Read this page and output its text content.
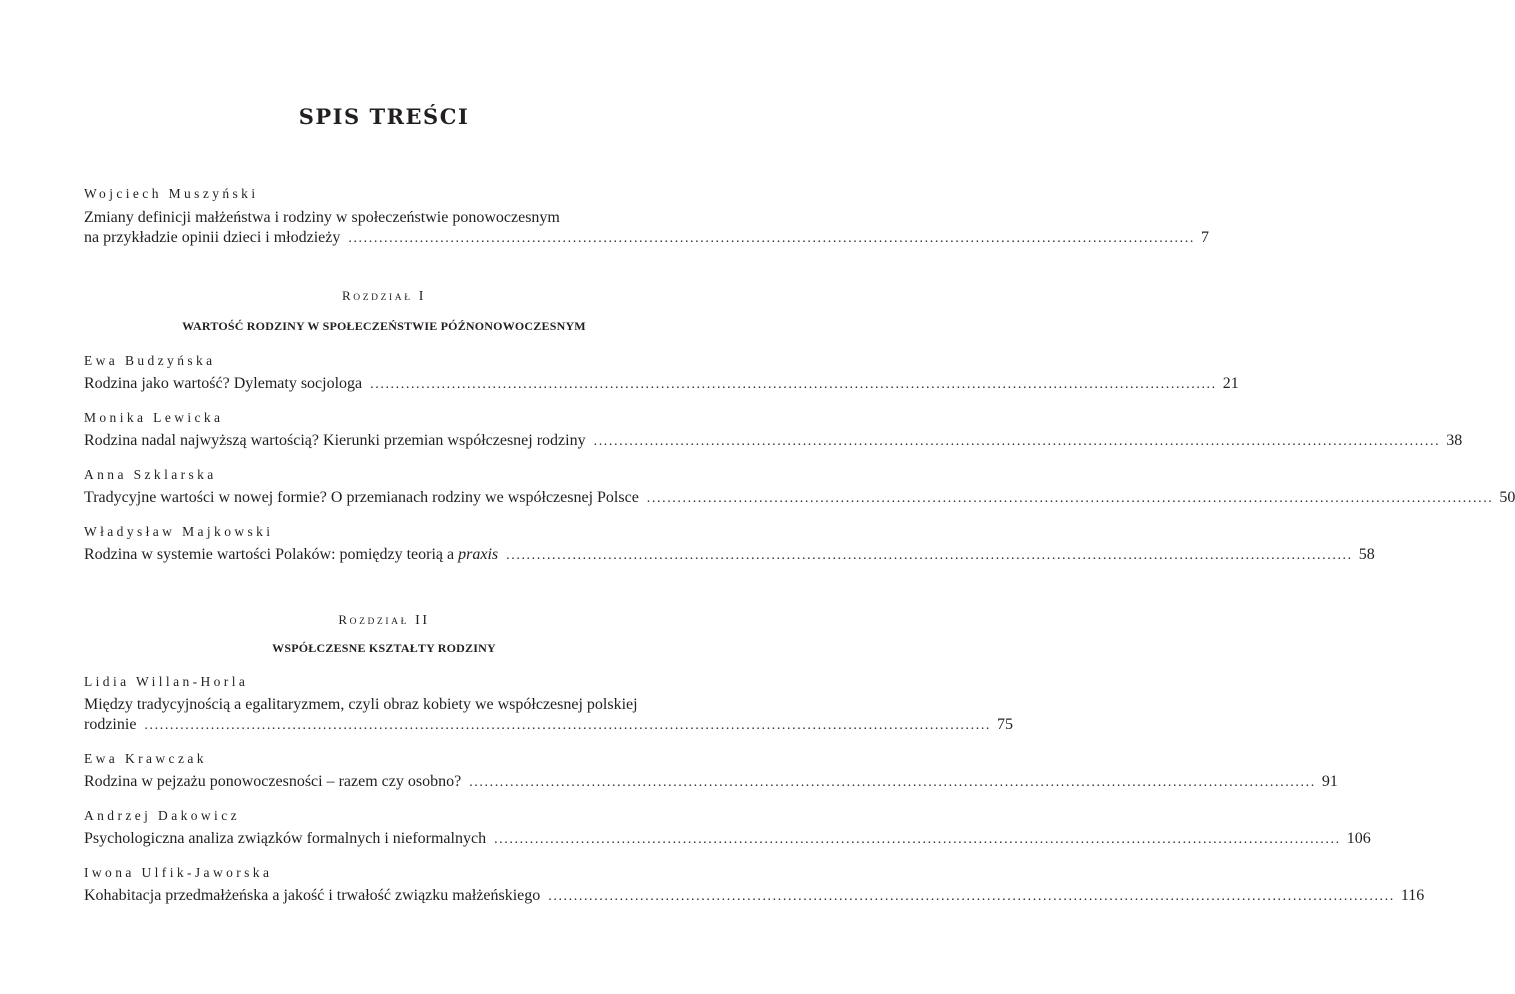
SPIS TREŚCI
Wojciech Muszyński
Zmiany definicji małżeństwa i rodziny w społeczeństwie ponowoczesnym
na przykładzie opinii dzieci i młodzieży ...................................................................................................................................................................... 7
ROZDZIAŁ I
WARTOŚĆ RODZINY W SPOŁECZEŃSTWIE PÓŹNONOWOCZESNYM
Ewa Budzyńska
Rodzina jako wartość? Dylematy socjologa ...................................................................................................................................................................... 21
Monika Lewicka
Rodzina nadal najwyższą wartością? Kierunki przemian współczesnej rodziny ...................................................................................................................................................................... 38
Anna Szklarska
Tradycyjne wartości w nowej formie? O przemianach rodziny we współczesnej Polsce ...................................................................................................................................................................... 50
Władysław Majkowski
Rodzina w systemie wartości Polaków: pomiędzy teorią a praxis ...................................................................................................................................................................... 58
ROZDZIAŁ II
WSPÓŁCZESNE KSZTAŁTY RODZINY
Lidia Willan-Horla
Między tradycyjnością a egalitaryzmem, czyli obraz kobiety we współczesnej polskiej
rodzinie ...................................................................................................................................................................... 75
Ewa Krawczak
Rodzina w pejzażu ponowoczesności – razem czy osobno? ...................................................................................................................................................................... 91
Andrzej Dakowicz
Psychologiczna analiza związków formalnych i nieformalnych ...................................................................................................................................................................... 106
Iwona Ulfik-Jaworska
Kohabitacja przedmałżeńska a jakość i trwałość związku małżeńskiego ...................................................................................................................................................................... 116
